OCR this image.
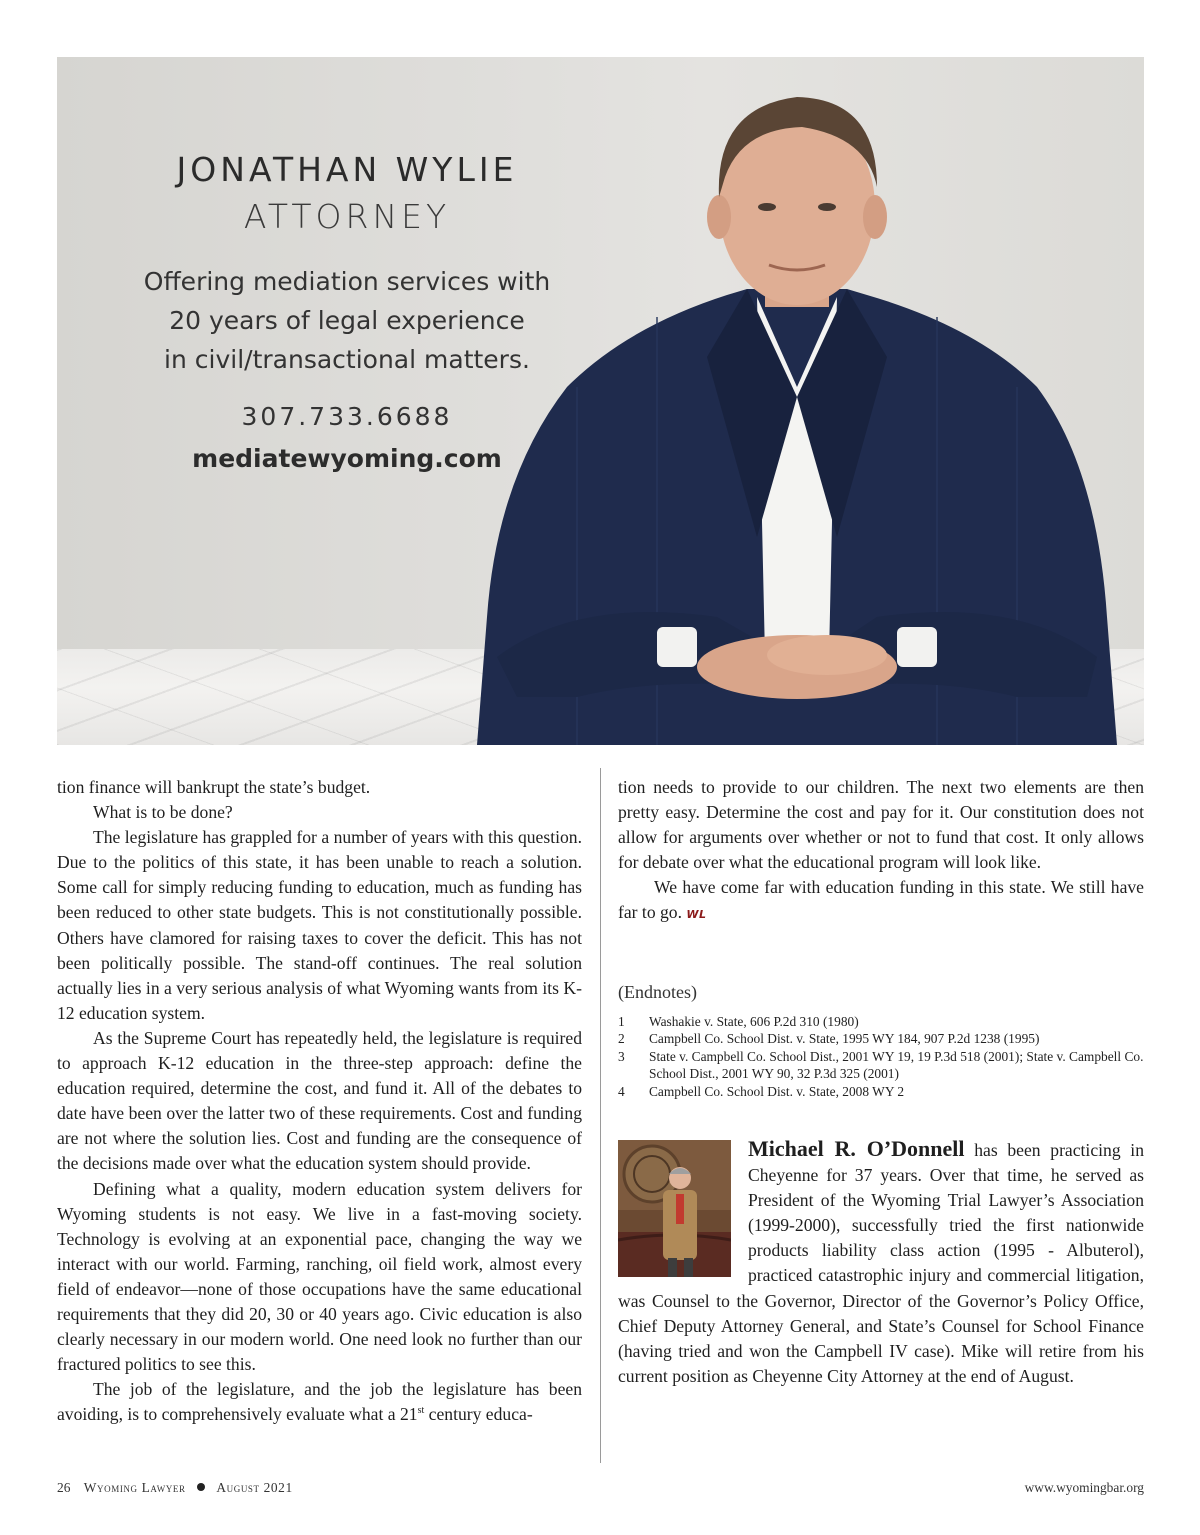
JONATHAN WYLIE
ATTORNEY
Offering mediation services with
20 years of legal experience
in civil/transactional matters.
307.733.6688
mediatewyoming.com

tion finance will bankrupt the state’s budget.

What is to be done?

The legislature has grappled for a number of years with this question. Due to the politics of this state, it has been unable to reach a solution. Some call for simply reducing funding to education, much as funding has been reduced to other state budgets. This is not constitutionally possible. Others have clamored for raising taxes to cover the deficit. This has not been politically possible. The stand-off continues. The real solution actually lies in a very serious analysis of what Wyoming wants from its K-12 education system.

As the Supreme Court has repeatedly held, the legislature is required to approach K-12 education in the three-step approach: define the education required, determine the cost, and fund it. All of the debates to date have been over the latter two of these requirements. Cost and funding are not where the solution lies. Cost and funding are the consequence of the decisions made over what the education system should provide.

Defining what a quality, modern education system delivers for Wyoming students is not easy. We live in a fast-moving society. Technology is evolving at an exponential pace, changing the way we interact with our world. Farming, ranching, oil field work, almost every field of endeavor—none of those occupations have the same educational requirements that they did 20, 30 or 40 years ago. Civic education is also clearly necessary in our modern world. One need look no further than our fractured politics to see this.

The job of the legislature, and the job the legislature has been avoiding, is to comprehensively evaluate what a 21st century educa-

tion needs to provide to our children. The next two elements are then pretty easy. Determine the cost and pay for it. Our constitution does not allow for arguments over whether or not to fund that cost. It only allows for debate over what the educational program will look like.

We have come far with education funding in this state. We still have far to go. WL

(Endnotes)
1	Washakie v. State, 606 P.2d 310 (1980)
2	Campbell Co. School Dist. v. State, 1995 WY 184, 907 P.2d 1238 (1995)
3	State v. Campbell Co. School Dist., 2001 WY 19, 19 P.3d 518 (2001); State v. Campbell Co. School Dist., 2001 WY 90, 32 P.3d 325 (2001)
4	Campbell Co. School Dist. v. State, 2008 WY 2
Michael R. O’Donnell has been practicing in Cheyenne for 37 years. Over that time, he served as President of the Wyoming Trial Lawyer’s Association (1999-2000), successfully tried the first nationwide products liability class action (1995 - Albuterol), practiced catastrophic injury and commercial litigation, was Counsel to the Governor, Director of the Governor’s Policy Office, Chief Deputy Attorney General, and State’s Counsel for School Finance (having tried and won the Campbell IV case). Mike will retire from his current position as Cheyenne City Attorney at the end of August.
26 Wyoming Lawyer August 2021	www.wyomingbar.org
